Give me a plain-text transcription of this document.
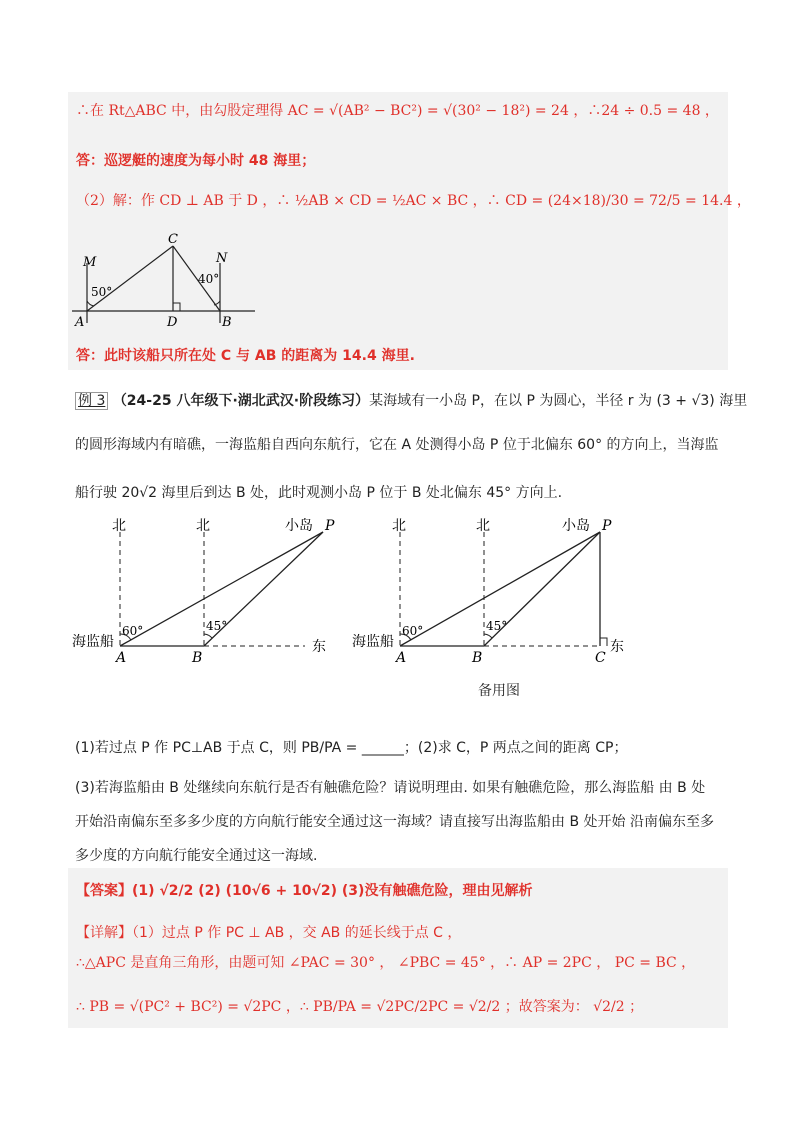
∴在 Rt△ABC 中，由勾股定理得 AC = √(AB² − BC²) = √(30² − 18²) = 24 ，∴24 ÷ 0.5 = 48 ，
答：巡逻艇的速度为每小时 48 海里；
（2）解：作 CD ⊥ AB 于 D ，∴ ½AB × CD = ½AC × BC ，∴ CD = (24×18)/30 = 72/5 = 14.4 ，
M
C
N
50°
40°
A	D	B
答：此时该船只所在处 C 与 AB 的距离为 14.4 海里.
例 3 （24-25 八年级下·湖北武汉·阶段练习）某海域有一小岛 P，在以 P 为圆心，半径 r 为 (3 + √3) 海里
的圆形海域内有暗礁，一海监船自西向东航行，它在 A 处测得小岛 P 位于北偏东 60° 的方向上，当海监
船行驶 20√2 海里后到达 B 处，此时观测小岛 P 位于 B 处北偏东 45° 方向上.
北	北	小岛 P
60°	45°
海监船
A	B
东
北	北	小岛 P
60°	45°
海监船
A	B	C
东
备用图
(1)若过点 P 作 PC⊥AB 于点 C，则 PB/PA = ______；(2)求 C，P 两点之间的距离 CP；
(3)若海监船由 B 处继续向东航行是否有触礁危险？请说明理由. 如果有触礁危险，那么海监船 由 B 处
开始沿南偏东至多多少度的方向航行能安全通过这一海域？请直接写出海监船由 B 处开始 沿南偏东至多
多少度的方向航行能安全通过这一海域.
【答案】(1) √2/2 (2) (10√6 + 10√2) (3)没有触礁危险，理由见解析
【详解】（1）过点 P 作 PC ⊥ AB ，交 AB 的延长线于点 C ，
∴△APC 是直角三角形，由题可知 ∠PAC = 30° ， ∠PBC = 45° ，∴ AP = 2PC ， PC = BC ，
∴ PB = √(PC² + BC²) = √2PC ，∴ PB/PA = √2PC/2PC = √2/2 ；故答案为： √2/2 ；
